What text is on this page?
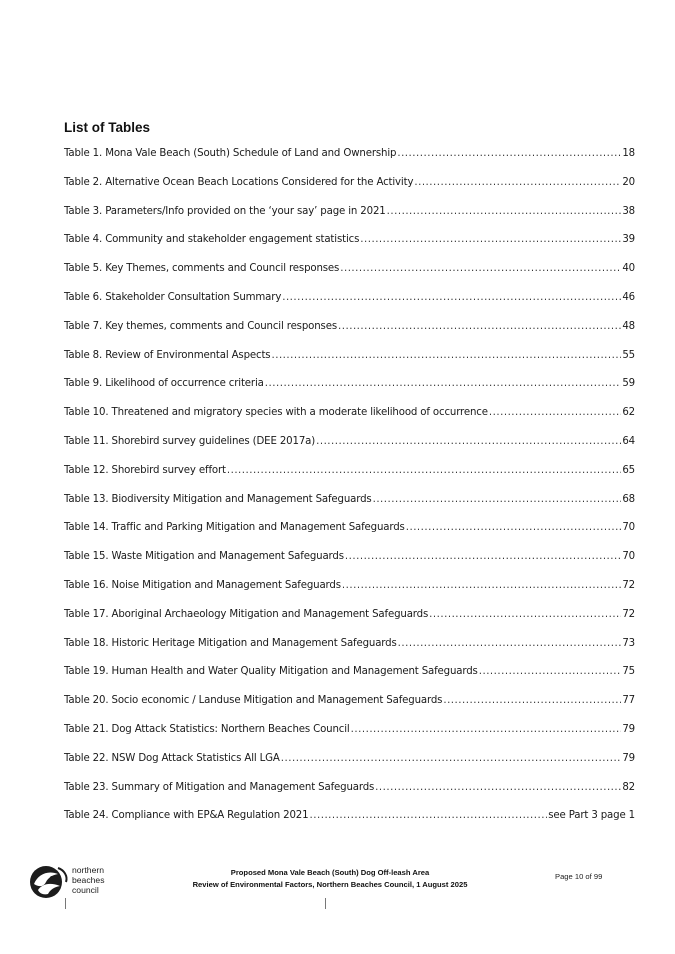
List of Tables
Table 1. Mona Vale Beach (South) Schedule of Land and Ownership .....	18
Table 2. Alternative Ocean Beach Locations Considered for the Activity .....	20
Table 3. Parameters/Info provided on the ‘your say’ page in 2021 .....	38
Table 4. Community and stakeholder engagement statistics .....	39
Table 5. Key Themes, comments and Council responses .....	40
Table 6. Stakeholder Consultation Summary .....	46
Table 7. Key themes, comments and Council responses .....	48
Table 8. Review of Environmental Aspects .....	55
Table 9. Likelihood of occurrence criteria .....	59
Table 10. Threatened and migratory species with a moderate likelihood of occurrence .....	62
Table 11. Shorebird survey guidelines (DEE 2017a) .....	64
Table 12. Shorebird survey effort .....	65
Table 13. Biodiversity Mitigation and Management Safeguards .....	68
Table 14. Traffic and Parking Mitigation and Management Safeguards .....	70
Table 15. Waste Mitigation and Management Safeguards .....	70
Table 16. Noise Mitigation and Management Safeguards .....	72
Table 17. Aboriginal Archaeology Mitigation and Management Safeguards .....	72
Table 18. Historic Heritage Mitigation and Management Safeguards .....	73
Table 19. Human Health and Water Quality Mitigation and Management Safeguards .....	75
Table 20. Socio economic / Landuse Mitigation and Management Safeguards .....	77
Table 21. Dog Attack Statistics: Northern Beaches Council .....	79
Table 22. NSW Dog Attack Statistics All LGA .....	79
Table 23. Summary of Mitigation and Management Safeguards .....	82
Table 24. Compliance with EP&A Regulation 2021 .....	see Part 3 page 1
northern
beaches
council
Proposed Mona Vale Beach (South) Dog Off-leash Area
Review of Environmental Factors, Northern Beaches Council, 1 August 2025
Page 10 of 99
